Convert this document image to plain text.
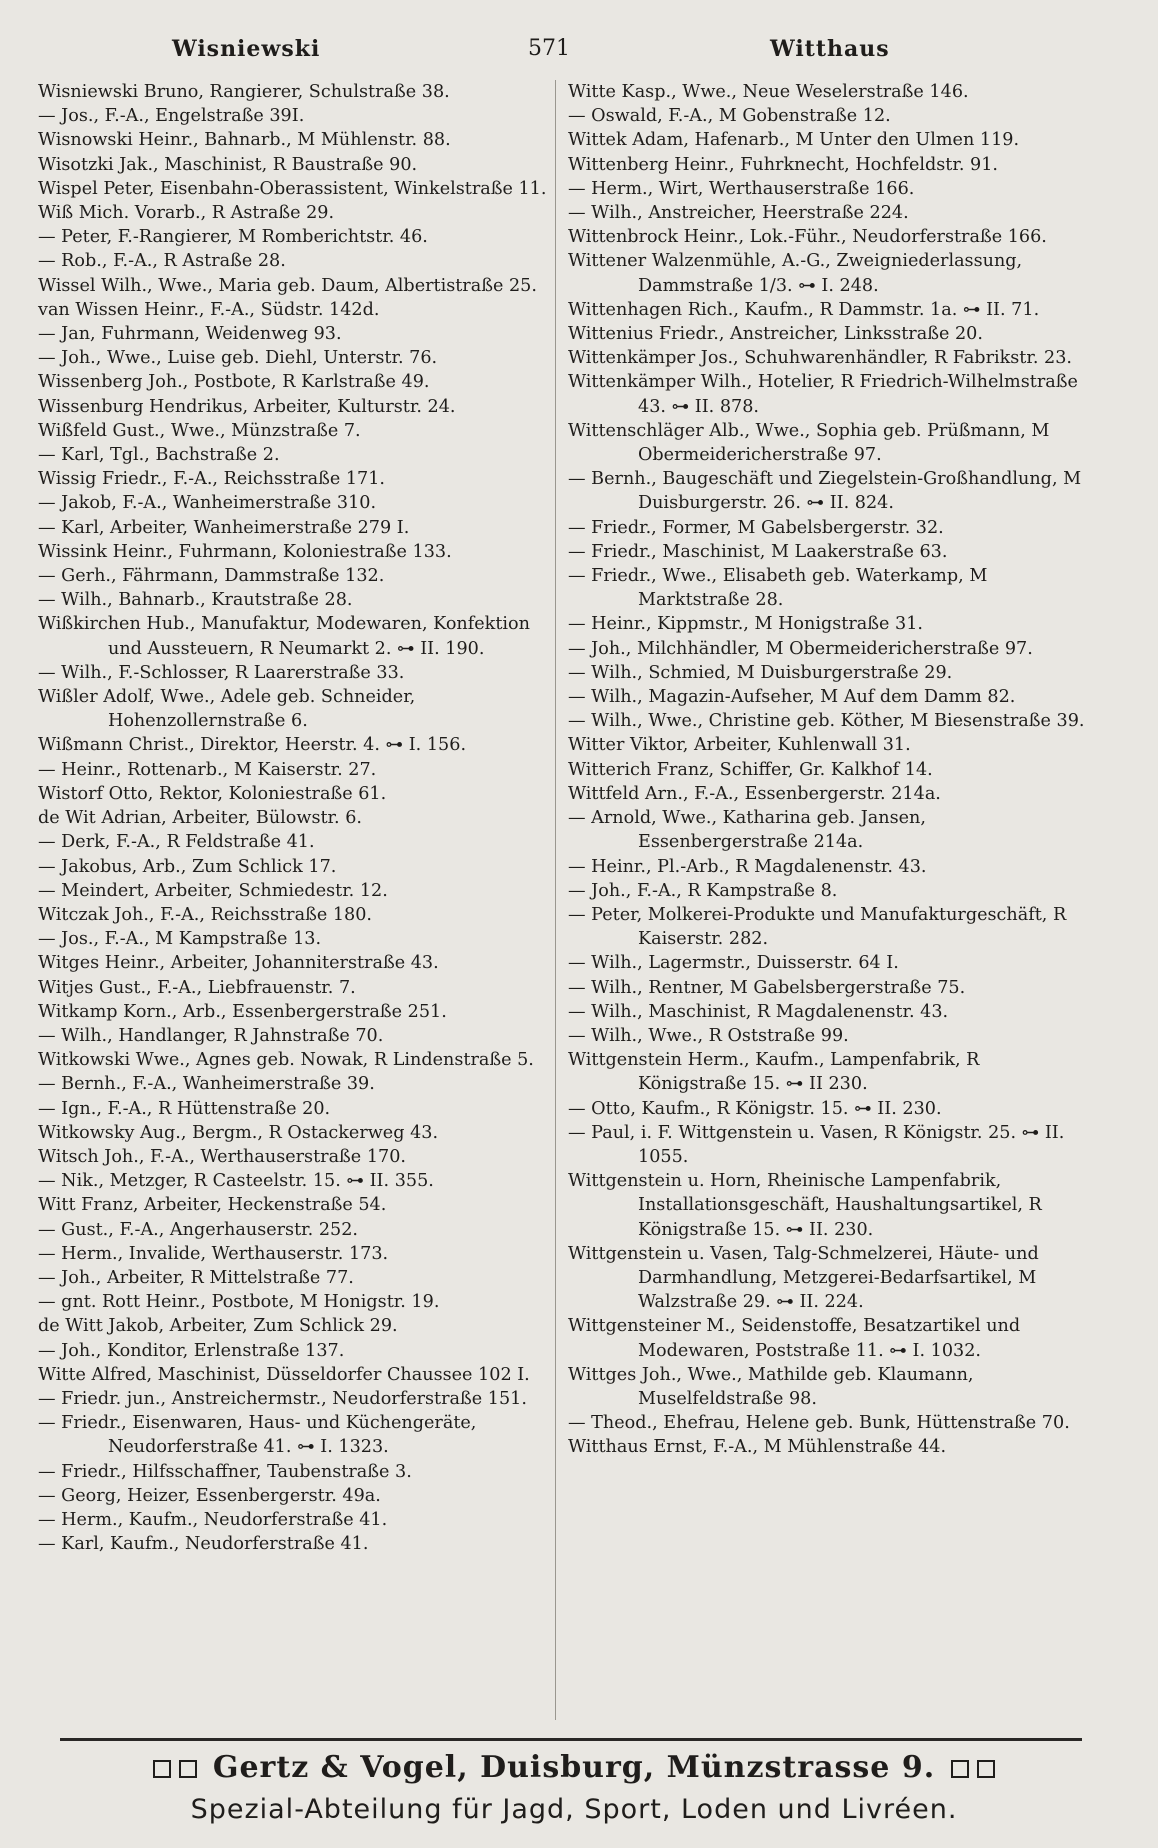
Wisniewski	571	Witthaus
Wisniewski Bruno, Rangierer, Schulstraße 38.
— Jos., F.-A., Engelstraße 39I.
Wisnowski Heinr., Bahnarb., M Mühlenstr. 88.
Wisotzki Jak., Maschinist, R Baustraße 90.
Wispel Peter, Eisenbahn-Oberassistent, Winkelstraße 11.
Wiß Mich. Vorarb., R Astraße 29.
— Peter, F.-Rangierer, M Romberichtstr. 46.
— Rob., F.-A., R Astraße 28.
Wissel Wilh., Wwe., Maria geb. Daum, Albertistraße 25.
van Wissen Heinr., F.-A., Südstr. 142d.
— Jan, Fuhrmann, Weidenweg 93.
— Joh., Wwe., Luise geb. Diehl, Unterstr. 76.
Wissenberg Joh., Postbote, R Karlstraße 49.
Wissenburg Hendrikus, Arbeiter, Kulturstr. 24.
Wißfeld Gust., Wwe., Münzstraße 7.
— Karl, Tgl., Bachstraße 2.
Wissig Friedr., F.-A., Reichsstraße 171.
— Jakob, F.-A., Wanheimerstraße 310.
— Karl, Arbeiter, Wanheimerstraße 279 I.
Wissink Heinr., Fuhrmann, Koloniestraße 133.
— Gerh., Fährmann, Dammstraße 132.
— Wilh., Bahnarb., Krautstraße 28.
Wißkirchen Hub., Manufaktur, Modewaren, Konfektion und Aussteuern, R Neumarkt 2. ⊶ II. 190.
— Wilh., F.-Schlosser, R Laarerstraße 33.
Wißler Adolf, Wwe., Adele geb. Schneider, Hohenzollernstraße 6.
Wißmann Christ., Direktor, Heerstr. 4. ⊶ I. 156.
— Heinr., Rottenarb., M Kaiserstr. 27.
Wistorf Otto, Rektor, Koloniestraße 61.
de Wit Adrian, Arbeiter, Bülowstr. 6.
— Derk, F.-A., R Feldstraße 41.
— Jakobus, Arb., Zum Schlick 17.
— Meindert, Arbeiter, Schmiedestr. 12.
Witczak Joh., F.-A., Reichsstraße 180.
— Jos., F.-A., M Kampstraße 13.
Witges Heinr., Arbeiter, Johanniterstraße 43.
Witjes Gust., F.-A., Liebfrauenstr. 7.
Witkamp Korn., Arb., Essenbergerstraße 251.
— Wilh., Handlanger, R Jahnstraße 70.
Witkowski Wwe., Agnes geb. Nowak, R Lindenstraße 5.
— Bernh., F.-A., Wanheimerstraße 39.
— Ign., F.-A., R Hüttenstraße 20.
Witkowsky Aug., Bergm., R Ostackerweg 43.
Witsch Joh., F.-A., Werthauserstraße 170.
— Nik., Metzger, R Casteelstr. 15. ⊶ II. 355.
Witt Franz, Arbeiter, Heckenstraße 54.
— Gust., F.-A., Angerhauserstr. 252.
— Herm., Invalide, Werthauserstr. 173.
— Joh., Arbeiter, R Mittelstraße 77.
— gnt. Rott Heinr., Postbote, M Honigstr. 19.
de Witt Jakob, Arbeiter, Zum Schlick 29.
— Joh., Konditor, Erlenstraße 137.
Witte Alfred, Maschinist, Düsseldorfer Chaussee 102 I.
— Friedr. jun., Anstreichermstr., Neudorferstraße 151.
— Friedr., Eisenwaren, Haus- und Küchengeräte, Neudorferstraße 41. ⊶ I. 1323.
— Friedr., Hilfsschaffner, Taubenstraße 3.
— Georg, Heizer, Essenbergerstr. 49a.
— Herm., Kaufm., Neudorferstraße 41.
— Karl, Kaufm., Neudorferstraße 41.
Witte Kasp., Wwe., Neue Weselerstraße 146.
— Oswald, F.-A., M Gobenstraße 12.
Wittek Adam, Hafenarb., M Unter den Ulmen 119.
Wittenberg Heinr., Fuhrknecht, Hochfeldstr. 91.
— Herm., Wirt, Werthauserstraße 166.
— Wilh., Anstreicher, Heerstraße 224.
Wittenbrock Heinr., Lok.-Führ., Neudorferstraße 166.
Wittener Walzenmühle, A.-G., Zweigniederlassung, Dammstraße 1/3. ⊶ I. 248.
Wittenhagen Rich., Kaufm., R Dammstr. 1a. ⊶ II. 71.
Wittenius Friedr., Anstreicher, Linksstraße 20.
Wittenkämper Jos., Schuhwarenhändler, R Fabrikstr. 23.
Wittenkämper Wilh., Hotelier, R Friedrich-Wilhelmstraße 43. ⊶ II. 878.
Wittenschläger Alb., Wwe., Sophia geb. Prüßmann, M Obermeidericherstraße 97.
— Bernh., Baugeschäft und Ziegelstein-Großhandlung, M Duisburgerstr. 26. ⊶ II. 824.
— Friedr., Former, M Gabelsbergerstr. 32.
— Friedr., Maschinist, M Laakerstraße 63.
— Friedr., Wwe., Elisabeth geb. Waterkamp, M Marktstraße 28.
— Heinr., Kippmstr., M Honigstraße 31.
— Joh., Milchhändler, M Obermeidericherstraße 97.
— Wilh., Schmied, M Duisburgerstraße 29.
— Wilh., Magazin-Aufseher, M Auf dem Damm 82.
— Wilh., Wwe., Christine geb. Köther, M Biesenstraße 39.
Witter Viktor, Arbeiter, Kuhlenwall 31.
Witterich Franz, Schiffer, Gr. Kalkhof 14.
Wittfeld Arn., F.-A., Essenbergerstr. 214a.
— Arnold, Wwe., Katharina geb. Jansen, Essenbergerstraße 214a.
— Heinr., Pl.-Arb., R Magdalenenstr. 43.
— Joh., F.-A., R Kampstraße 8.
— Peter, Molkerei-Produkte und Manufakturgeschäft, R Kaiserstr. 282.
— Wilh., Lagermstr., Duisserstr. 64 I.
— Wilh., Rentner, M Gabelsbergerstraße 75.
— Wilh., Maschinist, R Magdalenenstr. 43.
— Wilh., Wwe., R Oststraße 99.
Wittgenstein Herm., Kaufm., Lampenfabrik, R Königstraße 15. ⊶ II 230.
— Otto, Kaufm., R Königstr. 15. ⊶ II. 230.
— Paul, i. F. Wittgenstein u. Vasen, R Königstr. 25. ⊶ II. 1055.
Wittgenstein u. Horn, Rheinische Lampenfabrik, Installationsgeschäft, Haushaltungsartikel, R Königstraße 15. ⊶ II. 230.
Wittgenstein u. Vasen, Talg-Schmelzerei, Häute- und Darmhandlung, Metzgerei-Bedarfsartikel, M Walzstraße 29. ⊶ II. 224.
Wittgensteiner M., Seidenstoffe, Besatzartikel und Modewaren, Poststraße 11. ⊶ I. 1032.
Wittges Joh., Wwe., Mathilde geb. Klaumann, Muselfeldstraße 98.
— Theod., Ehefrau, Helene geb. Bunk, Hüttenstraße 70.
Witthaus Ernst, F.-A., M Mühlenstraße 44.
Gertz & Vogel, Duisburg, Münzstrasse 9.
Spezial-Abteilung für Jagd, Sport, Loden und Livréen.
